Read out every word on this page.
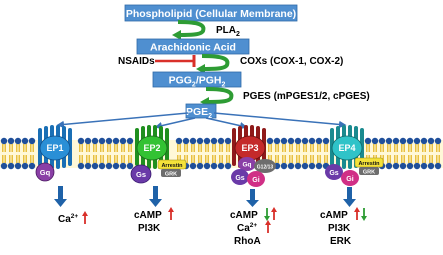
Phospholipid (Cellular Membrane)
$PLA_2$
Arachidonic Acid
NSAIDs	COXs (COX-1, COX-2)
$PGG_2/PGH_2$
PGES (mPGES1/2, cPGES)
$PGE_2$
EP1
Gq
EP2
Arrestin
GRK
Gs
EP3
Gq G12/13
Gs Gi
EP4
Arrestin
GRK
Gs
Gi
$Ca^{2+}$	cAMP
PI3K
cAMP
$Ca^{2+}$
RhoA
cAMP
PI3K
ERK
